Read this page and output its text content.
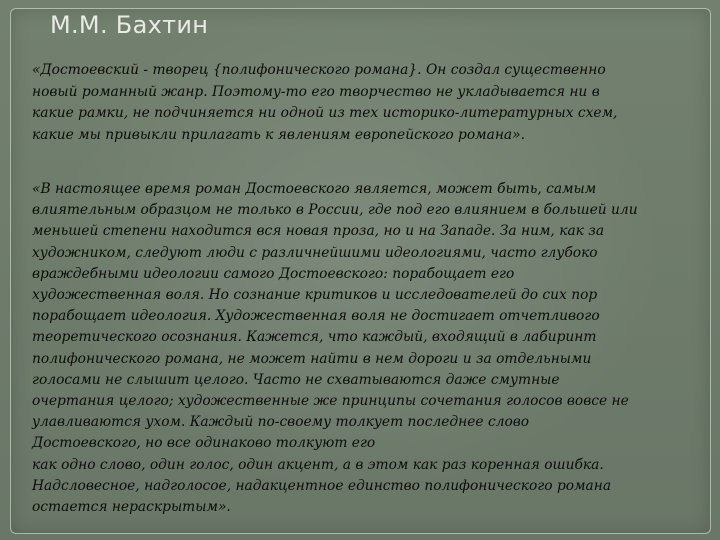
М.М. Бахтин

«Достоевский - творец {полифонического романа}. Он создал существенно
новый романный жанр. Поэтому-то его творчество не укладывается ни в
какие рамки, не подчиняется ни одной из тех историко-литературных схем,
какие мы привыкли прилагать к явлениям европейского романа».

«В настоящее время роман Достоевского является, может быть, самым
влиятельным образцом не только в России, где под его влиянием в большей или
меньшей степени находится вся новая проза, но и на Западе. За ним, как за
художником, следуют люди с различнейшими идеологиями, часто глубоко
враждебными идеологии самого Достоевского: порабощает его
художественная воля. Но сознание критиков и исследователей до сих пор
порабощает идеология. Художественная воля не достигает отчетливого
теоретического осознания. Кажется, что каждый, входящий в лабиринт
полифонического романа, не может найти в нем дороги и за отдельными
голосами не слышит целого. Часто не схватываются даже смутные
очертания целого; художественные же принципы сочетания голосов вовсе не
улавливаются ухом. Каждый по-своему толкует последнее слово
Достоевского, но все одинаково толкуют его
как одно слово, один голос, один акцент, а в этом как раз коренная ошибка.
Надсловесное, надголосое, надакцентное единство полифонического романа
остается нераскрытым».
